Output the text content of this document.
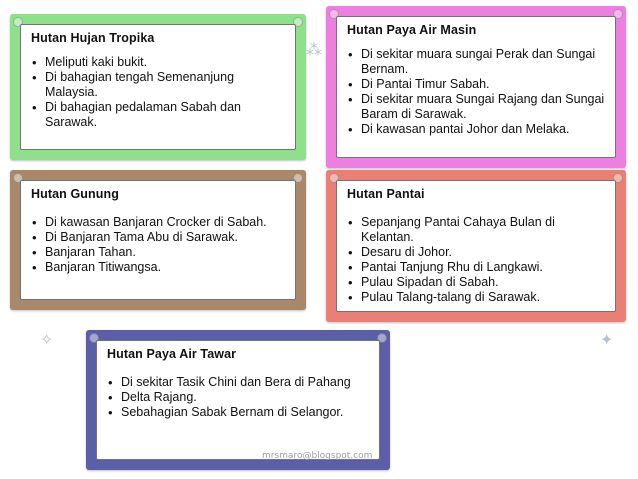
⁂
✦
✧
Hutan Hujan Tropika
• Meliputi kaki bukit.
• Di bahagian tengah Semenanjung Malaysia.
• Di bahagian pedalaman Sabah dan Sarawak.
Hutan Paya Air Masin
• Di sekitar muara sungai Perak dan Sungai Bernam.
• Di Pantai Timur Sabah.
• Di sekitar muara Sungai Rajang dan Sungai Baram di Sarawak.
• Di kawasan pantai Johor dan Melaka.
Hutan Gunung
• Di kawasan Banjaran Crocker di Sabah.
• Di Banjaran Tama Abu di Sarawak.
• Banjaran Tahan.
• Banjaran Titiwangsa.
Hutan Pantai
• Sepanjang Pantai Cahaya Bulan di Kelantan.
• Desaru di Johor.
• Pantai Tanjung Rhu di Langkawi.
• Pulau Sipadan di Sabah.
• Pulau Talang-talang di Sarawak.
Hutan Paya Air Tawar
• Di sekitar Tasik Chini dan Bera di Pahang
• Delta Rajang.
• Sebahagian Sabak Bernam di Selangor.
mrsmaro@blogspot.com
